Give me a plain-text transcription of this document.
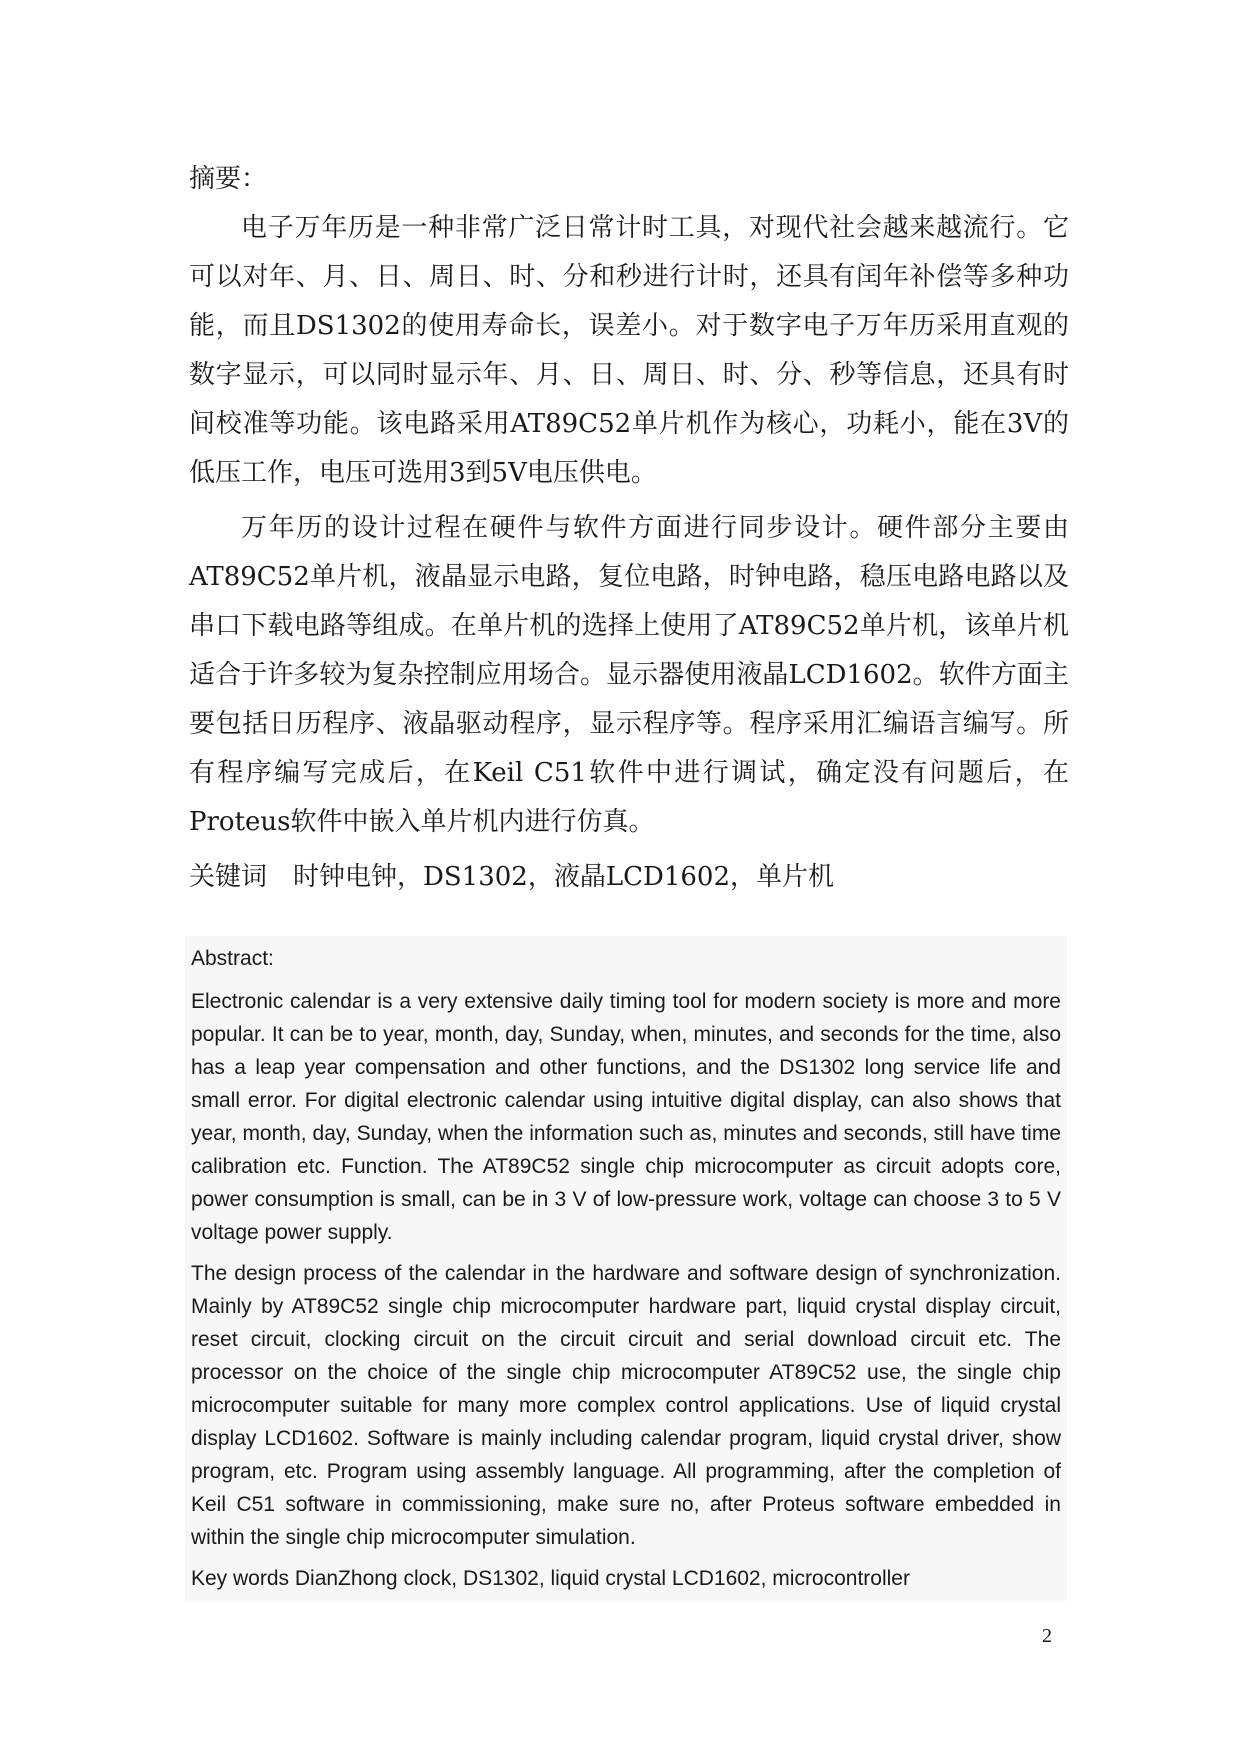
摘要：

电子万年历是一种非常广泛日常计时工具，对现代社会越来越流行。它可以对年、月、日、周日、时、分和秒进行计时，还具有闰年补偿等多种功能，而且DS1302的使用寿命长，误差小。对于数字电子万年历采用直观的数字显示，可以同时显示年、月、日、周日、时、分、秒等信息，还具有时间校准等功能。该电路采用AT89C52单片机作为核心，功耗小，能在3V的低压工作，电压可选用3到5V电压供电。

万年历的设计过程在硬件与软件方面进行同步设计。硬件部分主要由AT89C52单片机，液晶显示电路，复位电路，时钟电路，稳压电路电路以及串口下载电路等组成。在单片机的选择上使用了AT89C52单片机，该单片机适合于许多较为复杂控制应用场合。显示器使用液晶LCD1602。软件方面主要包括日历程序、液晶驱动程序，显示程序等。程序采用汇编语言编写。所有程序编写完成后，在Keil C51软件中进行调试，确定没有问题后，在Proteus软件中嵌入单片机内进行仿真。

关键词 时钟电钟，DS1302，液晶LCD1602，单片机

Abstract:

Electronic calendar is a very extensive daily timing tool for modern society is more and more popular. It can be to year, month, day, Sunday, when, minutes, and seconds for the time, also has a leap year compensation and other functions, and the DS1302 long service life and small error. For digital electronic calendar using intuitive digital display, can also shows that year, month, day, Sunday, when the information such as, minutes and seconds, still have time calibration etc. Function. The AT89C52 single chip microcomputer as circuit adopts core, power consumption is small, can be in 3 V of low-pressure work, voltage can choose 3 to 5 V voltage power supply.

The design process of the calendar in the hardware and software design of synchronization. Mainly by AT89C52 single chip microcomputer hardware part, liquid crystal display circuit, reset circuit, clocking circuit on the circuit circuit and serial download circuit etc. The processor on the choice of the single chip microcomputer AT89C52 use, the single chip microcomputer suitable for many more complex control applications. Use of liquid crystal display LCD1602. Software is mainly including calendar program, liquid crystal driver, show program, etc. Program using assembly language. All programming, after the completion of Keil C51 software in commissioning, make sure no, after Proteus software embedded in within the single chip microcomputer simulation.

Key words DianZhong clock, DS1302, liquid crystal LCD1602, microcontroller

2
